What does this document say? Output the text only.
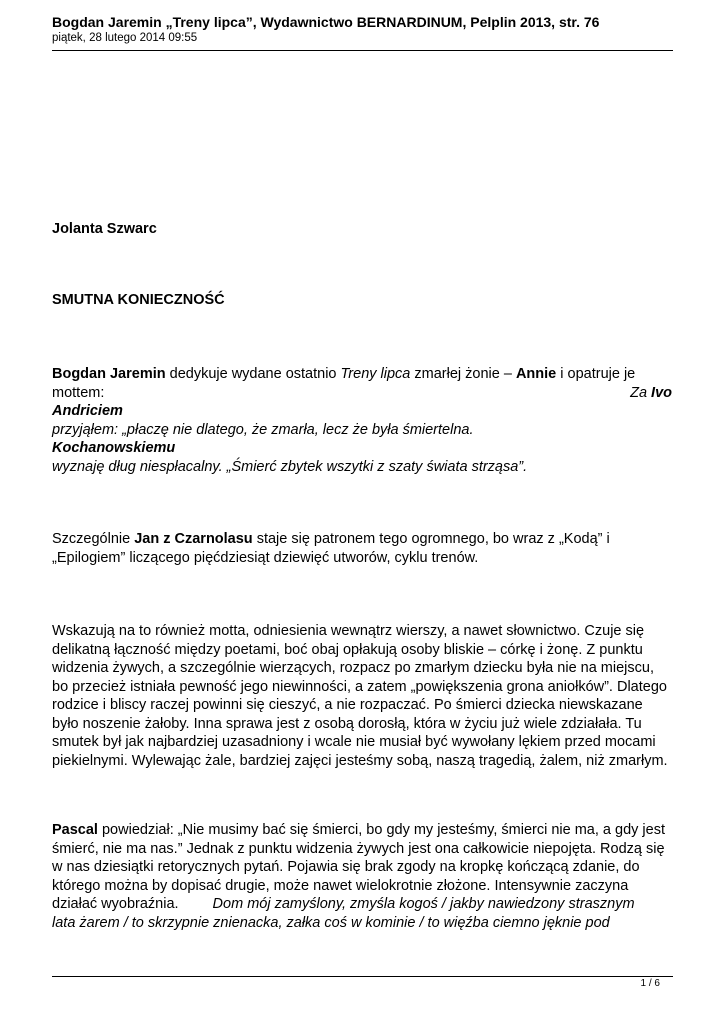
Bogdan Jaremin „Treny lipca”, Wydawnictwo BERNARDINUM, Pelplin 2013, str. 76
piątek, 28 lutego 2014 09:55
Jolanta Szwarc
SMUTNA KONIECZNOŚĆ
Bogdan Jaremin dedykuje wydane ostatnio Treny lipca zmarłej żonie – Annie i opatruje je
mottem:	Za Ivo
Andriciem
przyjąłem: „płaczę nie dlatego, że zmarła, lecz że była śmiertelna.
Kochanowskiemu
wyznaję dług niespłacalny. „Śmierć zbytek wszytki z szaty świata strząsa”.
Szczególnie Jan z Czarnolasu staje się patronem tego ogromnego, bo wraz z „Kodą” i
„Epilogiem” liczącego pięćdziesiąt dziewięć utworów, cyklu trenów.
Wskazują na to również motta, odniesienia wewnątrz wierszy, a nawet słownictwo. Czuje się
delikatną łączność między poetami, boć obaj opłakują osoby bliskie – córkę i żonę. Z punktu
widzenia żywych, a szczególnie wierzących, rozpacz po zmarłym dziecku była nie na miejscu,
bo przecież istniała pewność jego niewinności, a zatem „powiększenia grona aniołków”. Dlatego
rodzice i bliscy raczej powinni się cieszyć, a nie rozpaczać. Po śmierci dziecka niewskazane
było noszenie żałoby. Inna sprawa jest z osobą dorosłą, która w życiu już wiele zdziałała. Tu
smutek był jak najbardziej uzasadniony i wcale nie musiał być wywołany lękiem przed mocami
piekielnymi. Wylewając żale, bardziej zajęci jesteśmy sobą, naszą tragedią, żalem, niż zmarłym.
Pascal powiedział: „Nie musimy bać się śmierci, bo gdy my jesteśmy, śmierci nie ma, a gdy jest
śmierć, nie ma nas.” Jednak z punktu widzenia żywych jest ona całkowicie niepojęta. Rodzą się
w nas dziesiątki retorycznych pytań. Pojawia się brak zgody na kropkę kończącą zdanie, do
którego można by dopisać drugie, może nawet wielokrotnie złożone. Intensywnie zaczyna
działać wyobraźnia. Dom mój zamyślony, zmyśla kogoś / jakby nawiedzony strasznym
lata żarem / to skrzypnie znienacka, załka coś w kominie / to więźba ciemno jęknie pod
1 / 6
